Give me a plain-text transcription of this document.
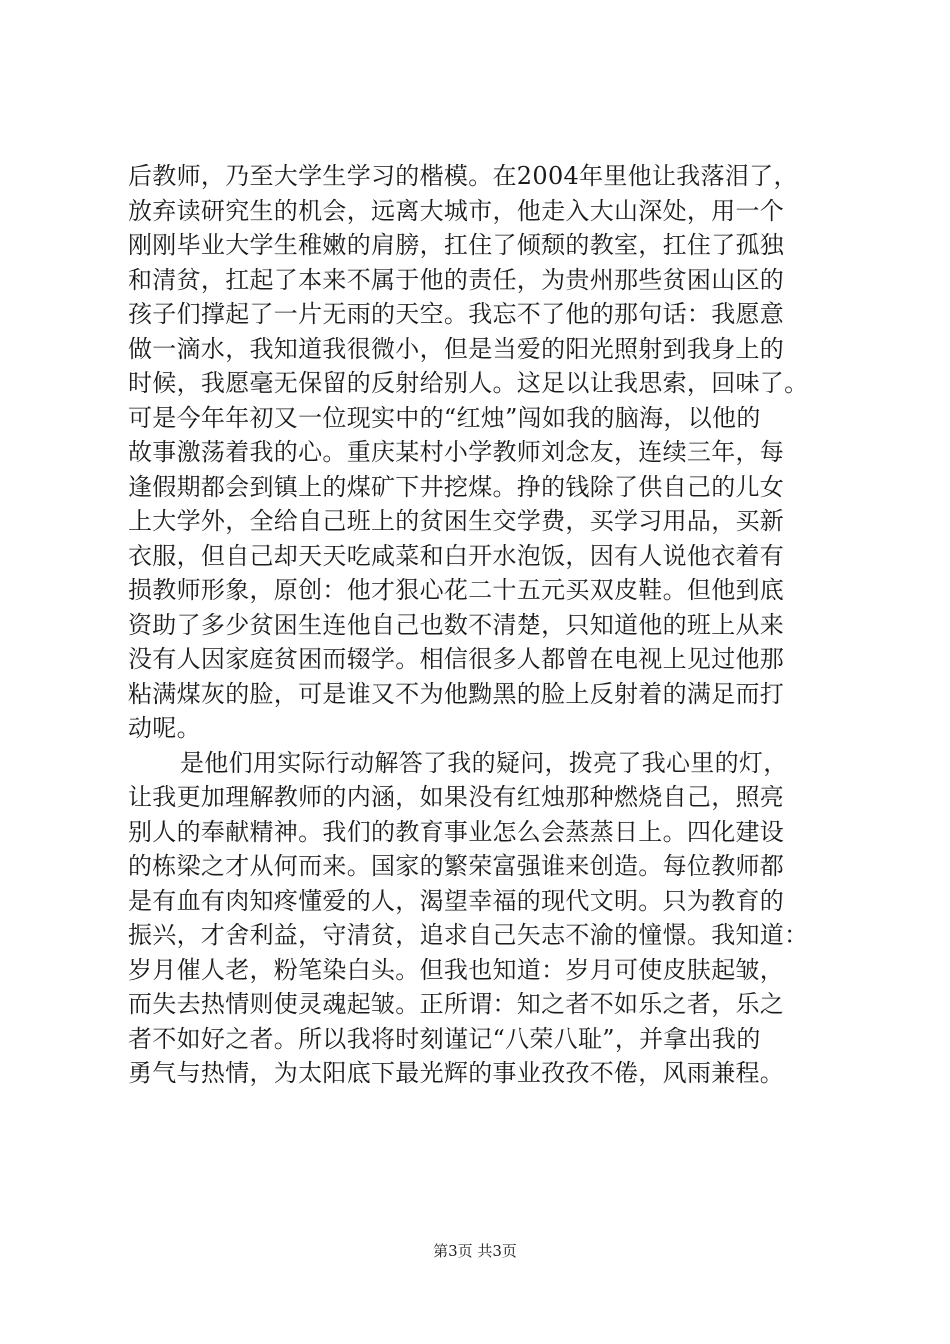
后教师，乃至大学生学习的楷模。在2004年里他让我落泪了，
放弃读研究生的机会，远离大城市，他走入大山深处，用一个
刚刚毕业大学生稚嫩的肩膀，扛住了倾颓的教室，扛住了孤独
和清贫，扛起了本来不属于他的责任，为贵州那些贫困山区的
孩子们撑起了一片无雨的天空。我忘不了他的那句话：我愿意
做一滴水，我知道我很微小，但是当爱的阳光照射到我身上的
时候，我愿毫无保留的反射给别人。这足以让我思索，回味了。
可是今年年初又一位现实中的“红烛”闯如我的脑海，以他的
故事激荡着我的心。重庆某村小学教师刘念友，连续三年，每
逢假期都会到镇上的煤矿下井挖煤。挣的钱除了供自己的儿女
上大学外，全给自己班上的贫困生交学费，买学习用品，买新
衣服，但自己却天天吃咸菜和白开水泡饭，因有人说他衣着有
损教师形象，原创：他才狠心花二十五元买双皮鞋。但他到底
资助了多少贫困生连他自己也数不清楚，只知道他的班上从来
没有人因家庭贫困而辍学。相信很多人都曾在电视上见过他那
粘满煤灰的脸，可是谁又不为他黝黑的脸上反射着的满足而打
动呢。

是他们用实际行动解答了我的疑问，拨亮了我心里的灯，
让我更加理解教师的内涵，如果没有红烛那种燃烧自己，照亮
别人的奉献精神。我们的教育事业怎么会蒸蒸日上。四化建设
的栋梁之才从何而来。国家的繁荣富强谁来创造。每位教师都
是有血有肉知疼懂爱的人，渴望幸福的现代文明。只为教育的
振兴，才舍利益，守清贫，追求自己矢志不渝的憧憬。我知道：
岁月催人老，粉笔染白头。但我也知道：岁月可使皮肤起皱，
而失去热情则使灵魂起皱。正所谓：知之者不如乐之者，乐之
者不如好之者。所以我将时刻谨记“八荣八耻”，并拿出我的
勇气与热情，为太阳底下最光辉的事业孜孜不倦，风雨兼程。

第3页 共3页
